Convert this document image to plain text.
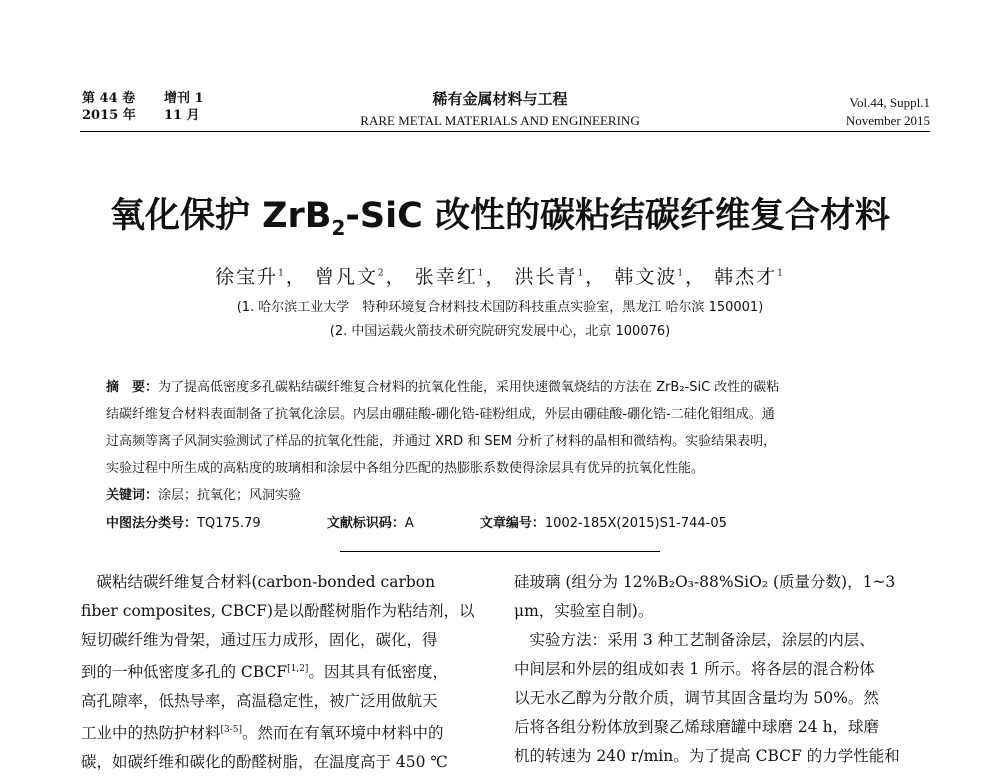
第 44 卷 增刊 1
2015 年 11 月
稀有金属材料与工程
RARE METAL MATERIALS AND ENGINEERING
Vol.44, Suppl.1
November 2015
氧化保护 ZrB$_2$-SiC 改性的碳粘结碳纤维复合材料
徐宝升$^1$， 曾凡文$^2$， 张幸红$^1$， 洪长青$^1$， 韩文波$^1$， 韩杰才$^1$
(1. 哈尔滨工业大学　特种环境复合材料技术国防科技重点实验室，黑龙江 哈尔滨 150001)
(2. 中国运载火箭技术研究院研究发展中心，北京 100076)
摘　要：为了提高低密度多孔碳粘结碳纤维复合材料的抗氧化性能，采用快速微氧烧结的方法在 ZrB₂-SiC 改性的碳粘
结碳纤维复合材料表面制备了抗氧化涂层。内层由硼硅酸-硼化锆-硅粉组成，外层由硼硅酸-硼化锆-二硅化钼组成。通
过高频等离子风洞实验测试了样品的抗氧化性能，并通过 XRD 和 SEM 分析了材料的晶相和微结构。实验结果表明，
实验过程中所生成的高粘度的玻璃相和涂层中各组分匹配的热膨胀系数使得涂层具有优异的抗氧化性能。
关键词：涂层；抗氧化；风洞实验
中图法分类号：TQ175.79	文献标识码：A	文章编号：1002-185X(2015)S1-744-05
　碳粘结碳纤维复合材料(carbon-bonded carbon
fiber composites, CBCF)是以酚醛树脂作为粘结剂，以
短切碳纤维为骨架，通过压力成形，固化，碳化，得
到的一种低密度多孔的 CBCF[1,2]。因其具有低密度，
高孔隙率，低热导率，高温稳定性，被广泛用做航天
工业中的热防护材料[3-5]。然而在有氧环境中材料中的
碳，如碳纤维和碳化的酚醛树脂，在温度高于 450 ℃
硅玻璃 (组分为 12%B₂O₃-88%SiO₂ (质量分数)，1~3
μm，实验室自制)。
　实验方法：采用 3 种工艺制备涂层，涂层的内层、
中间层和外层的组成如表 1 所示。将各层的混合粉体
以无水乙醇为分散介质，调节其固含量均为 50%。然
后将各组分粉体放到聚乙烯球磨罐中球磨 24 h，球磨
机的转速为 240 r/min。为了提高 CBCF 的力学性能和
